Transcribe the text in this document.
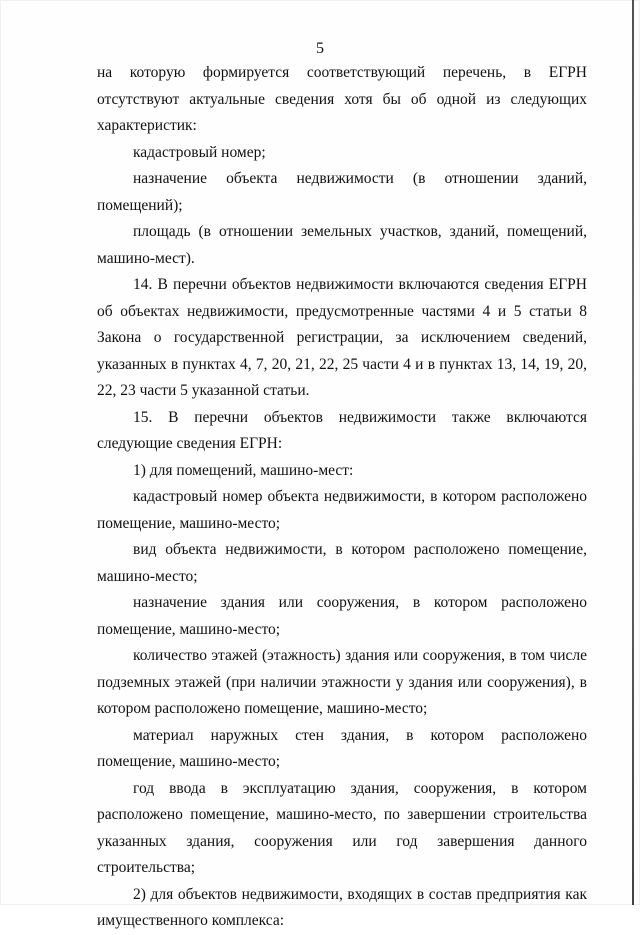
5

на которую формируется соответствующий перечень, в ЕГРН отсутствуют актуальные сведения хотя бы об одной из следующих характеристик:

кадастровый номер;

назначение объекта недвижимости (в отношении зданий, помещений);

площадь (в отношении земельных участков, зданий, помещений, машино-мест).

14. В перечни объектов недвижимости включаются сведения ЕГРН об объектах недвижимости, предусмотренные частями 4 и 5 статьи 8 Закона о государственной регистрации, за исключением сведений, указанных в пунктах 4, 7, 20, 21, 22, 25 части 4 и в пунктах 13, 14, 19, 20, 22, 23 части 5 указанной статьи.

15. В перечни объектов недвижимости также включаются следующие сведения ЕГРН:

1) для помещений, машино-мест:

кадастровый номер объекта недвижимости, в котором расположено помещение, машино-место;

вид объекта недвижимости, в котором расположено помещение, машино-место;

назначение здания или сооружения, в котором расположено помещение, машино-место;

количество этажей (этажность) здания или сооружения, в том числе подземных этажей (при наличии этажности у здания или сооружения), в котором расположено помещение, машино-место;

материал наружных стен здания, в котором расположено помещение, машино-место;

год ввода в эксплуатацию здания, сооружения, в котором расположено помещение, машино-место, по завершении строительства указанных здания, сооружения или год завершения данного строительства;

2) для объектов недвижимости, входящих в состав предприятия как имущественного комплекса:
